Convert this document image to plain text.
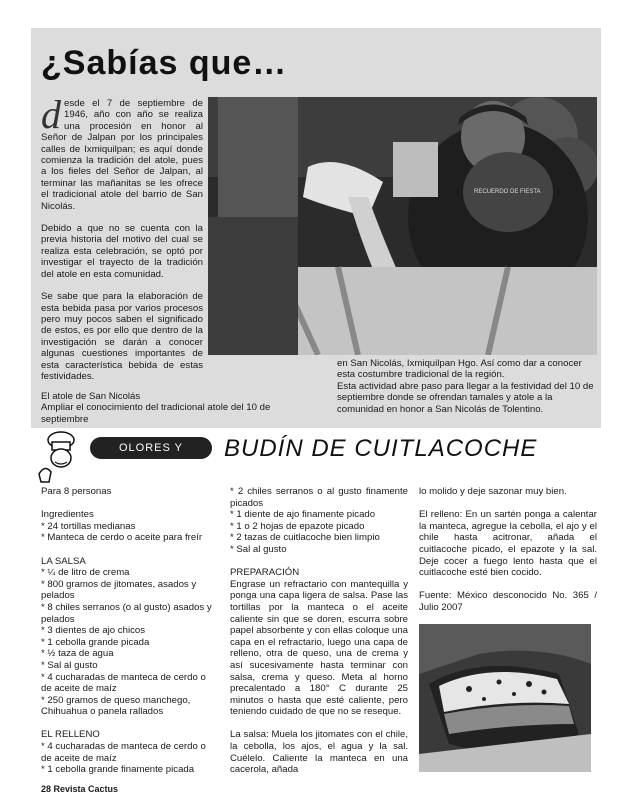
¿Sabías que…

desde el 7 de septiembre de 1946, año con año se realiza una procesión en honor al Señor de Jalpan por los principales calles de Ixmiquilpan; es aquí donde comienza la tradición del atole, pues a los fieles del Señor de Jalpan, al terminar las mañanitas se les ofrece el tradicional atole del barrio de San Nicolás.

Debido a que no se cuenta con la previa historia del motivo del cual se realiza esta celebración, se optó por investigar el trayecto de la tradición del atole en esta comunidad.

Se sabe que para la elaboración de esta bebida pasa por varios procesos pero muy pocos saben el significado de estos, es por ello que dentro de la investigación se darán a conocer algunas cuestiones importantes de esta característica bebida de estas festividades.

RECUERDO DE FIESTA
El atole de San Nicolás
Ampliar el conocimiento del tradicional atole del 10 de septiembre
en San Nicolás, Ixmiquilpan Hgo. Así como dar a conocer esta costumbre tradicional de la región.
Esta actividad abre paso para llegar a la festividad del 10 de septiembre donde se ofrendan tamales y atole a la comunidad en honor a San Nicolás de Tolentino.
OLORES Y SABORES
BUDÍN DE CUITLACOCHE
Para 8 personas
Ingredientes
* 24 tortillas medianas
* Manteca de cerdo o aceite para freír
LA SALSA
* ¼ de litro de crema
* 800 gramos de jitomates, asados y pelados
* 8 chiles serranos (o al gusto) asados y pelados
* 3 dientes de ajo chicos
* 1 cebolla grande picada
* ½ taza de agua
* Sal al gusto
* 4 cucharadas de manteca de cerdo o de aceite de maíz
* 250 gramos de queso manchego, Chihuahua o panela rallados
EL RELLENO
* 4 cucharadas de manteca de cerdo o de aceite de maíz
* 1 cebolla grande finamente picada
* 2 chiles serranos o al gusto finamente picados
* 1 diente de ajo finamente picado
* 1 o 2 hojas de epazote picado
* 2 tazas de cuitlacoche bien limpio
* Sal al gusto
PREPARACIÓN
Engrase un refractario con mantequilla y ponga una capa ligera de salsa. Pase las tortillas por la manteca o el aceite caliente sin que se doren, escurra sobre papel absorbente y con ellas coloque una capa en el refractario, luego una capa de relleno, otra de queso, una de crema y así sucesivamente hasta terminar con salsa, crema y queso. Meta al horno precalentado a 180° C durante 25 minutos o hasta que esté caliente, pero teniendo cuidado de que no se reseque.
La salsa: Muela los jitomates con el chile, la cebolla, los ajos, el agua y la sal. Cuélelo. Caliente la manteca en una cacerola, añada
lo molido y deje sazonar muy bien.
El relleno: En un sartén ponga a calentar la manteca, agregue la cebolla, el ajo y el chile hasta acitronar, añada el cuitlacoche picado, el epazote y la sal. Deje cocer a fuego lento hasta que el cuitlacoche esté bien cocido.
Fuente: México desconocido No. 365 / Julio 2007
28 Revista Cactus
